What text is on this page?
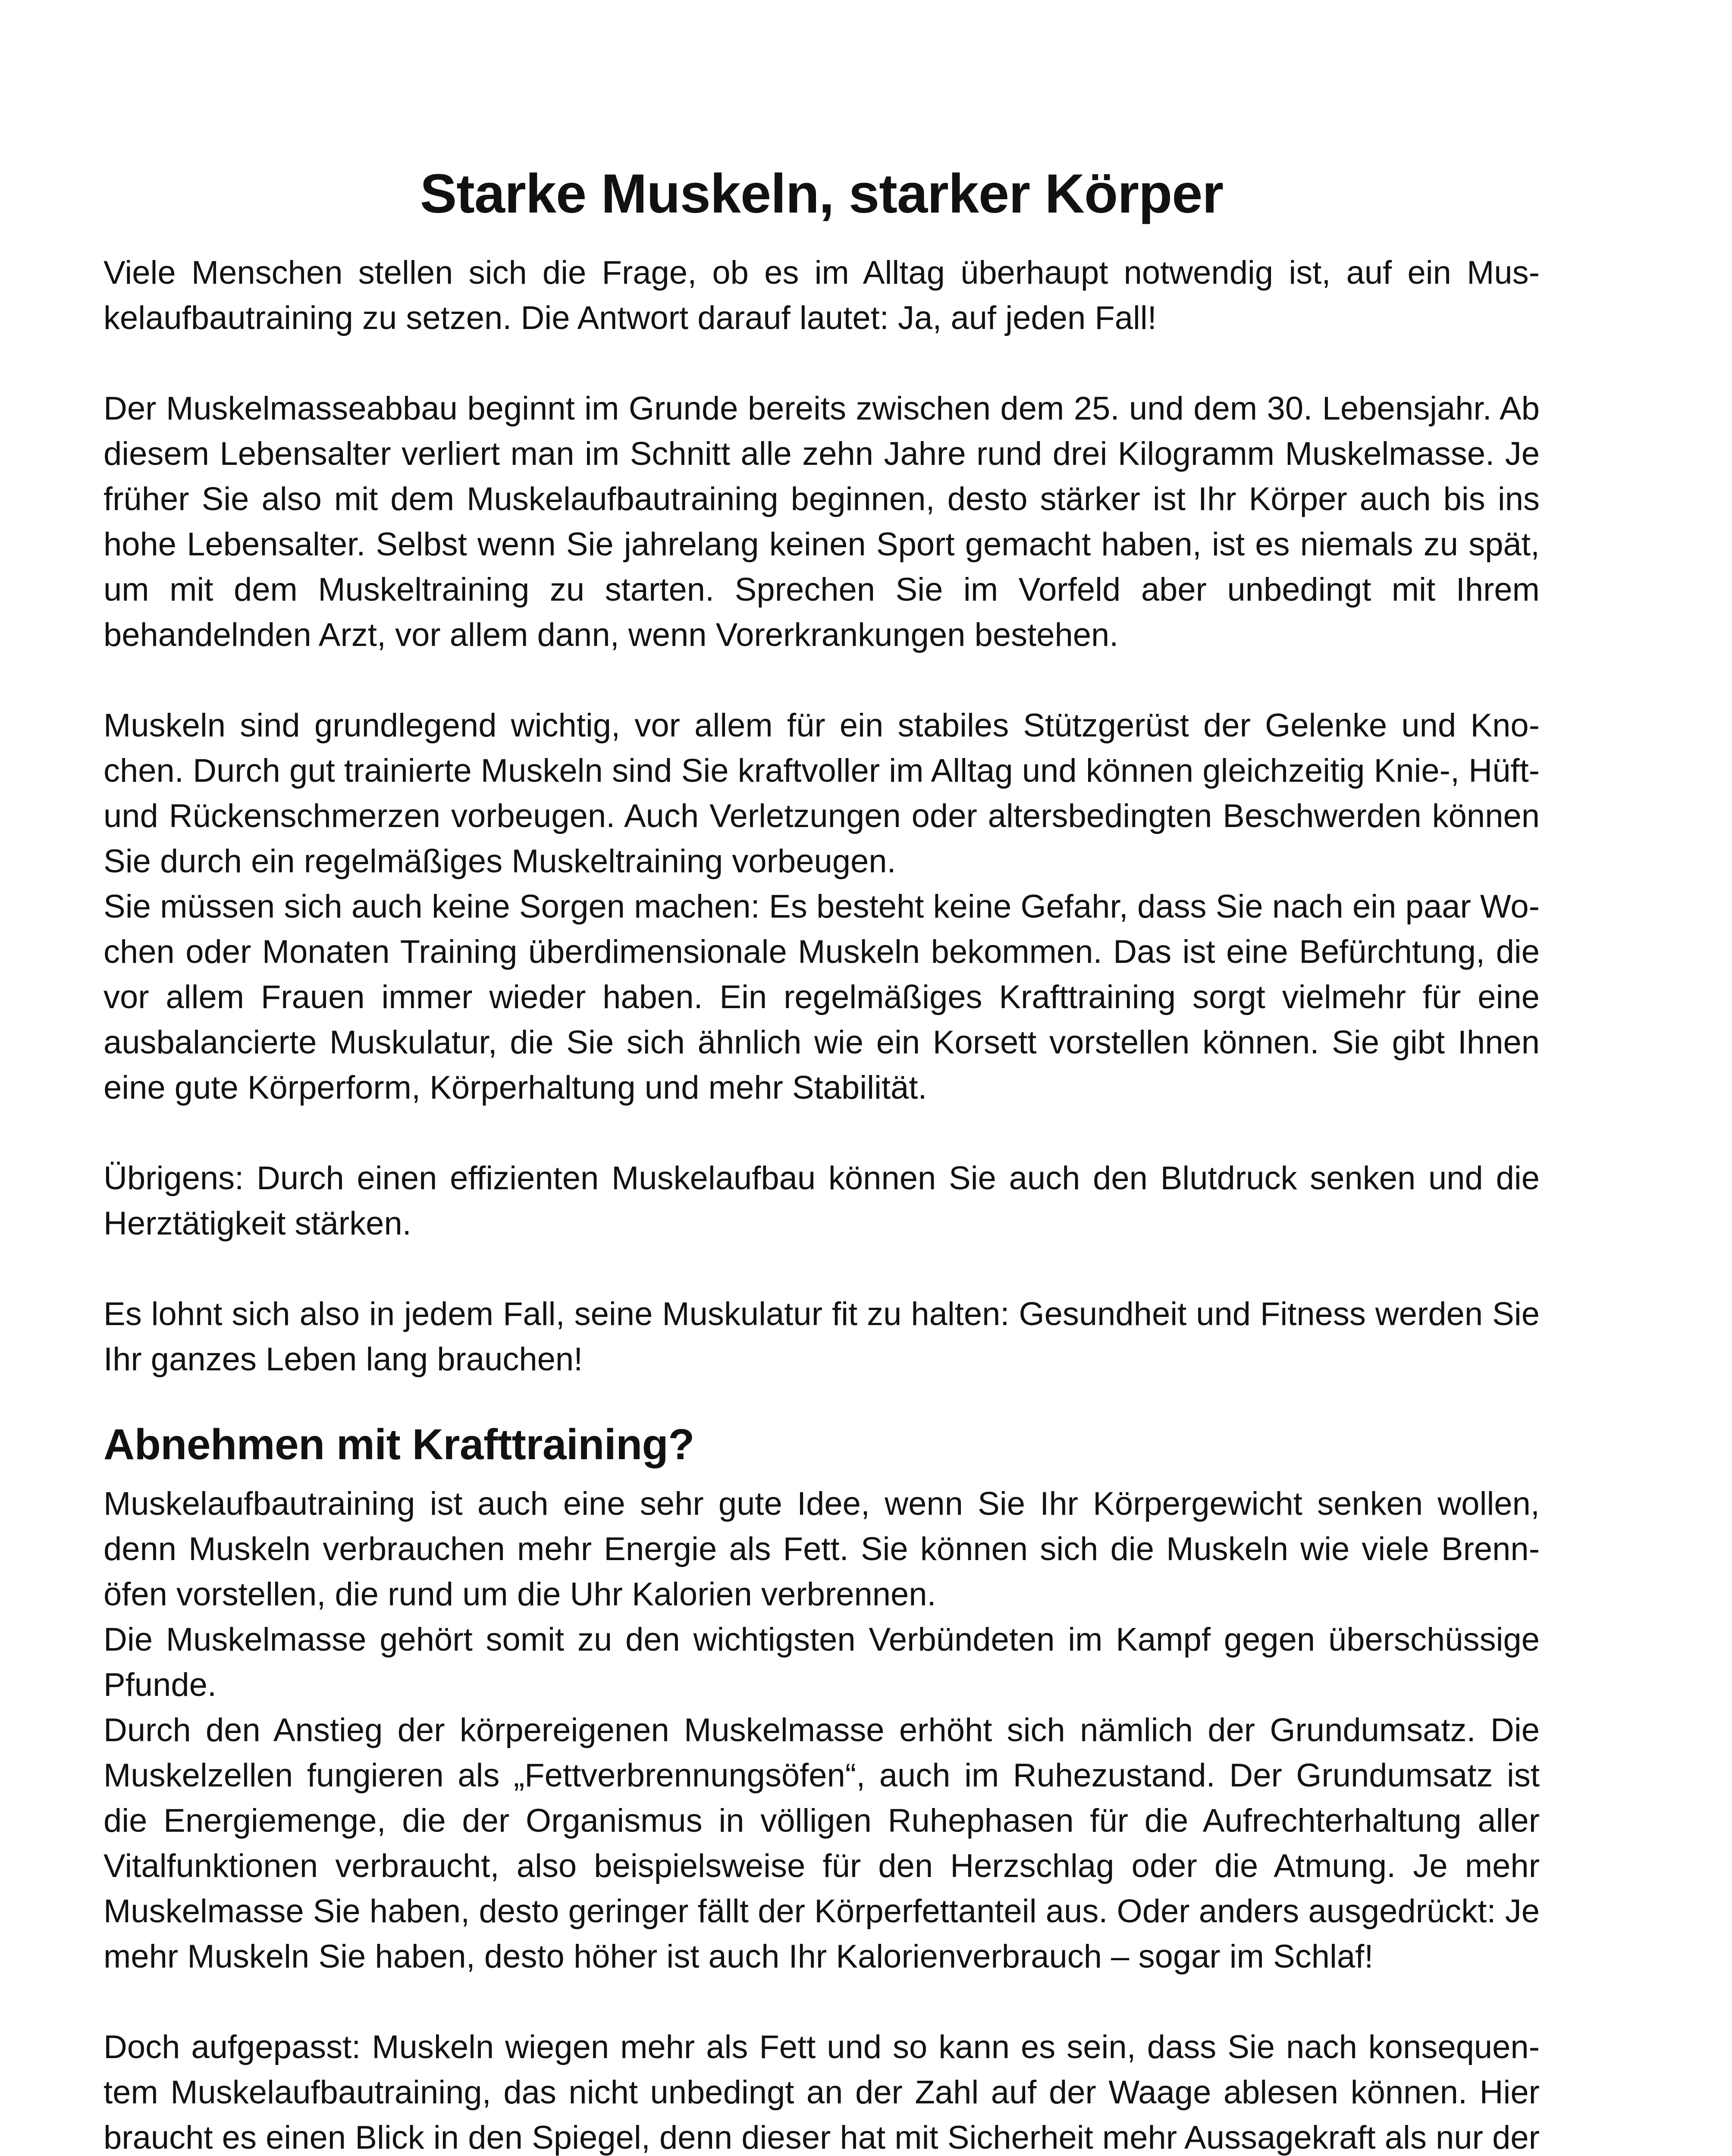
Starke Muskeln, starker Körper

Viele Menschen stellen sich die Frage, ob es im Alltag überhaupt notwendig ist, auf ein Muskelaufbautraining zu setzen. Die Antwort darauf lautet: Ja, auf jeden Fall!

Der Muskelmasseabbau beginnt im Grunde bereits zwischen dem 25. und dem 30. Lebensjahr. Ab diesem Lebensalter verliert man im Schnitt alle zehn Jahre rund drei Kilogramm Muskelmasse. Je früher Sie also mit dem Muskelaufbautraining beginnen, desto stärker ist Ihr Körper auch bis ins hohe Lebensalter. Selbst wenn Sie jahrelang keinen Sport gemacht haben, ist es niemals zu spät, um mit dem Muskeltraining zu starten. Sprechen Sie im Vorfeld aber unbedingt mit Ihrem behandelnden Arzt, vor allem dann, wenn Vorerkrankungen bestehen.

Muskeln sind grundlegend wichtig, vor allem für ein stabiles Stützgerüst der Gelenke und Knochen. Durch gut trainierte Muskeln sind Sie kraftvoller im Alltag und können gleichzeitig Knie-, Hüft- und Rückenschmerzen vorbeugen. Auch Verletzungen oder altersbedingten Beschwerden können Sie durch ein regelmäßiges Muskeltraining vorbeugen.

Sie müssen sich auch keine Sorgen machen: Es besteht keine Gefahr, dass Sie nach ein paar Wochen oder Monaten Training überdimensionale Muskeln bekommen. Das ist eine Befürchtung, die vor allem Frauen immer wieder haben. Ein regelmäßiges Krafttraining sorgt vielmehr für eine ausbalancierte Muskulatur, die Sie sich ähnlich wie ein Korsett vorstellen können. Sie gibt Ihnen eine gute Körperform, Körperhaltung und mehr Stabilität.

Übrigens: Durch einen effizienten Muskelaufbau können Sie auch den Blutdruck senken und die Herztätigkeit stärken.

Es lohnt sich also in jedem Fall, seine Muskulatur fit zu halten: Gesundheit und Fitness werden Sie Ihr ganzes Leben lang brauchen!

Abnehmen mit Krafttraining?

Muskelaufbautraining ist auch eine sehr gute Idee, wenn Sie Ihr Körpergewicht senken wollen, denn Muskeln verbrauchen mehr Energie als Fett. Sie können sich die Muskeln wie viele Brennöfen vorstellen, die rund um die Uhr Kalorien verbrennen.

Die Muskelmasse gehört somit zu den wichtigsten Verbündeten im Kampf gegen überschüssige Pfunde.

Durch den Anstieg der körpereigenen Muskelmasse erhöht sich nämlich der Grundumsatz. Die Muskelzellen fungieren als „Fettverbrennungsöfen“, auch im Ruhezustand. Der Grundumsatz ist die Energiemenge, die der Organismus in völligen Ruhephasen für die Aufrechterhaltung aller Vitalfunktionen verbraucht, also beispielsweise für den Herzschlag oder die Atmung. Je mehr Muskelmasse Sie haben, desto geringer fällt der Körperfettanteil aus. Oder anders ausgedrückt: Je mehr Muskeln Sie haben, desto höher ist auch Ihr Kalorienverbrauch – sogar im Schlaf!

Doch aufgepasst: Muskeln wiegen mehr als Fett und so kann es sein, dass Sie nach konsequentem Muskelaufbautraining, das nicht unbedingt an der Zahl auf der Waage ablesen können. Hier braucht es einen Blick in den Spiegel, denn dieser hat mit Sicherheit mehr Aussagekraft als nur der
